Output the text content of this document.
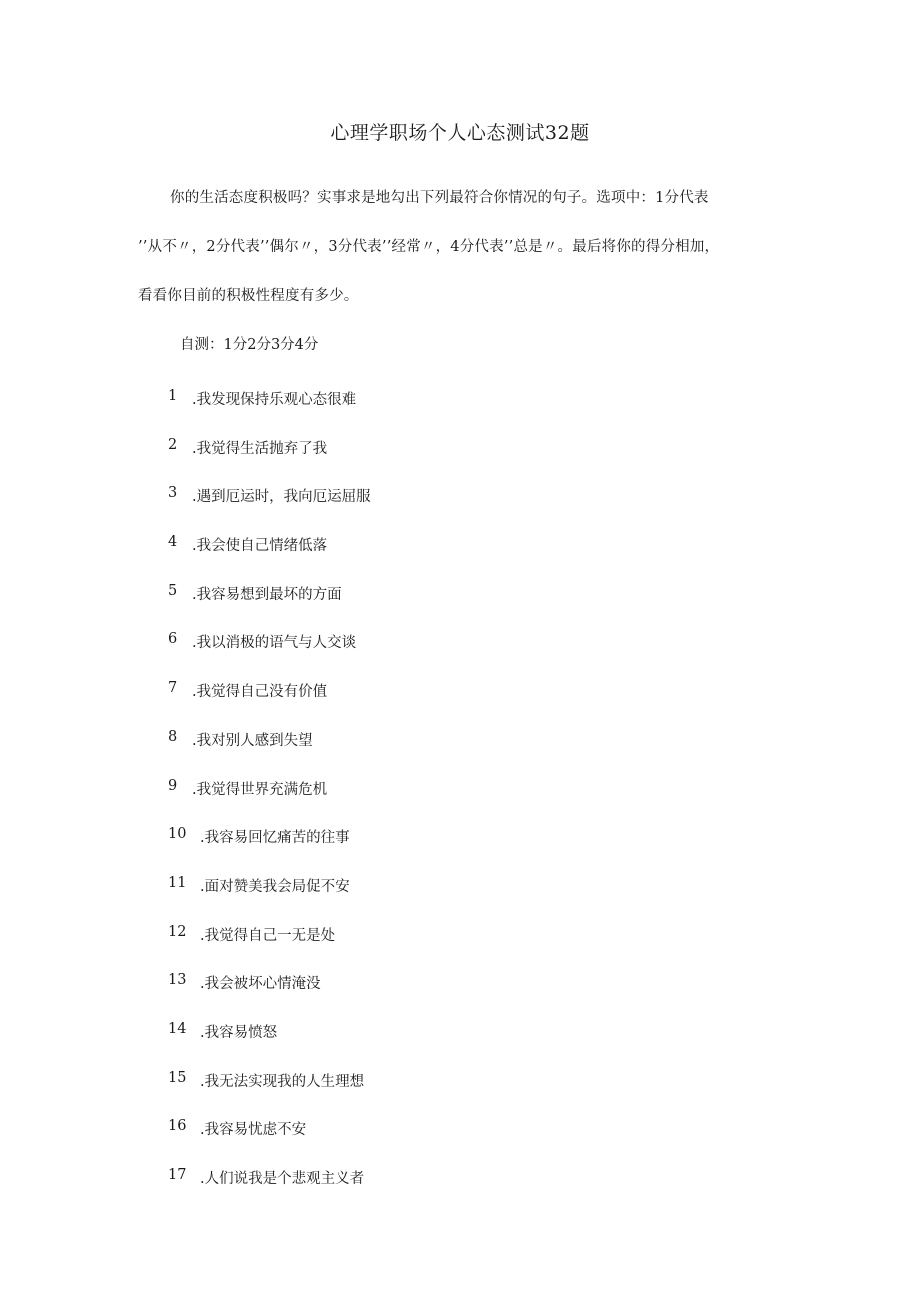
心理学职场个人心态测试32题
你的生活态度积极吗？实事求是地勾出下列最符合你情况的句子。选项中：1分代表
’’从不〃，2分代表’’偶尔〃，3分代表’’经常〃，4分代表’’总是〃。最后将你的得分相加，
看看你目前的积极性程度有多少。
自测：1分2分3分4分
1	.我发现保持乐观心态很难
2	.我觉得生活抛弃了我
3	.遇到厄运时，我向厄运屈服
4	.我会使自己情绪低落
5	.我容易想到最坏的方面
6	.我以消极的语气与人交谈
7	.我觉得自己没有价值
8	.我对别人感到失望
9	.我觉得世界充满危机
10 .我容易回忆痛苦的往事
11 .面对赞美我会局促不安
12 .我觉得自己一无是处
13 .我会被坏心情淹没
14 .我容易愤怒
15 .我无法实现我的人生理想
16 .我容易忧虑不安
17 .人们说我是个悲观主义者
